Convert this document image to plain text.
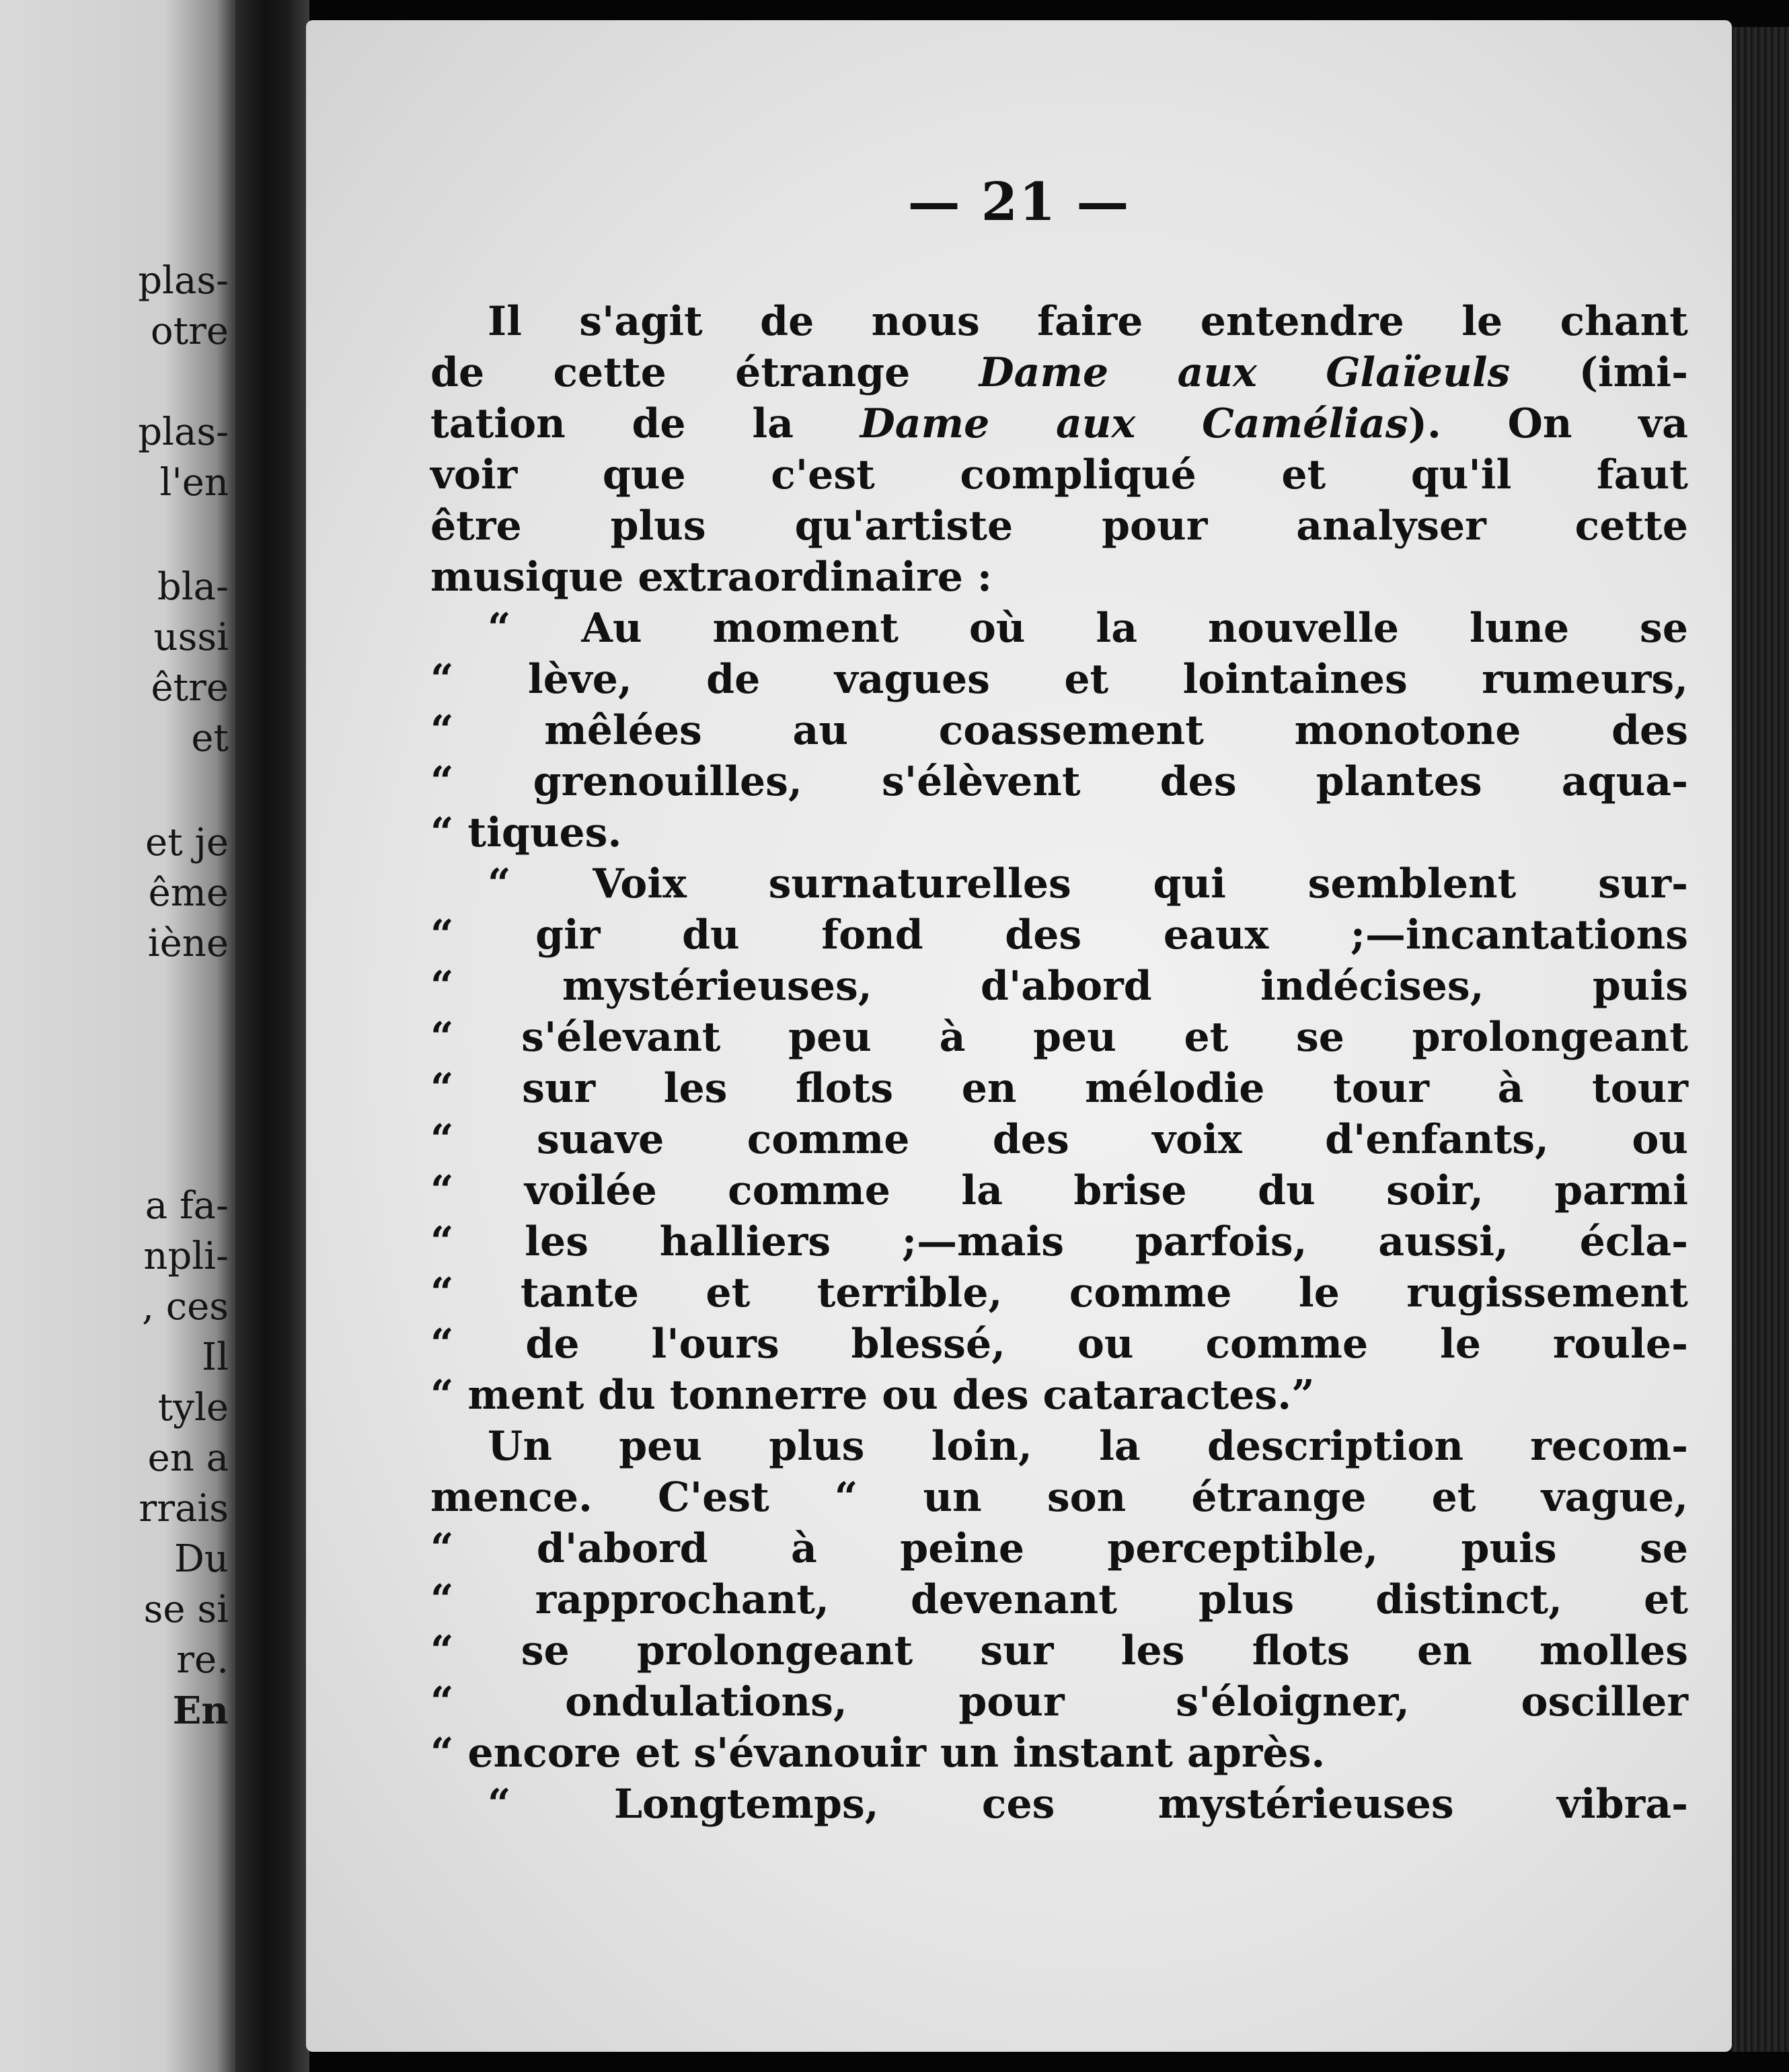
plas-
otre
plas-
l'en
bla-
ussi
être
et
et je
ême
iène
a fa-
npli-
, ces
Il
tyle
en a
rrais
Du
se si
re.
En
— 21 —
Il s'agit de nous faire entendre le chant
de cette étrange Dame aux Glaïeuls (imi-
tation de la Dame aux Camélias). On va
voir que c'est compliqué et qu'il faut
être plus qu'artiste pour analyser cette
musique extraordinaire :
“ Au moment où la nouvelle lune se
“ lève, de vagues et lointaines rumeurs,
“ mêlées au coassement monotone des
“ grenouilles, s'élèvent des plantes aqua-
“ tiques.
“ Voix surnaturelles qui semblent sur-
“ gir du fond des eaux ;—incantations
“ mystérieuses, d'abord indécises, puis
“ s'élevant peu à peu et se prolongeant
“ sur les flots en mélodie tour à tour
“ suave comme des voix d'enfants, ou
“ voilée comme la brise du soir, parmi
“ les halliers ;—mais parfois, aussi, écla-
“ tante et terrible, comme le rugissement
“ de l'ours blessé, ou comme le roule-
“ ment du tonnerre ou des cataractes.”
Un peu plus loin, la description recom-
mence. C'est “ un son étrange et vague,
“ d'abord à peine perceptible, puis se
“ rapprochant, devenant plus distinct, et
“ se prolongeant sur les flots en molles
“ ondulations, pour s'éloigner, osciller
“ encore et s'évanouir un instant après.
“ Longtemps, ces mystérieuses vibra-
